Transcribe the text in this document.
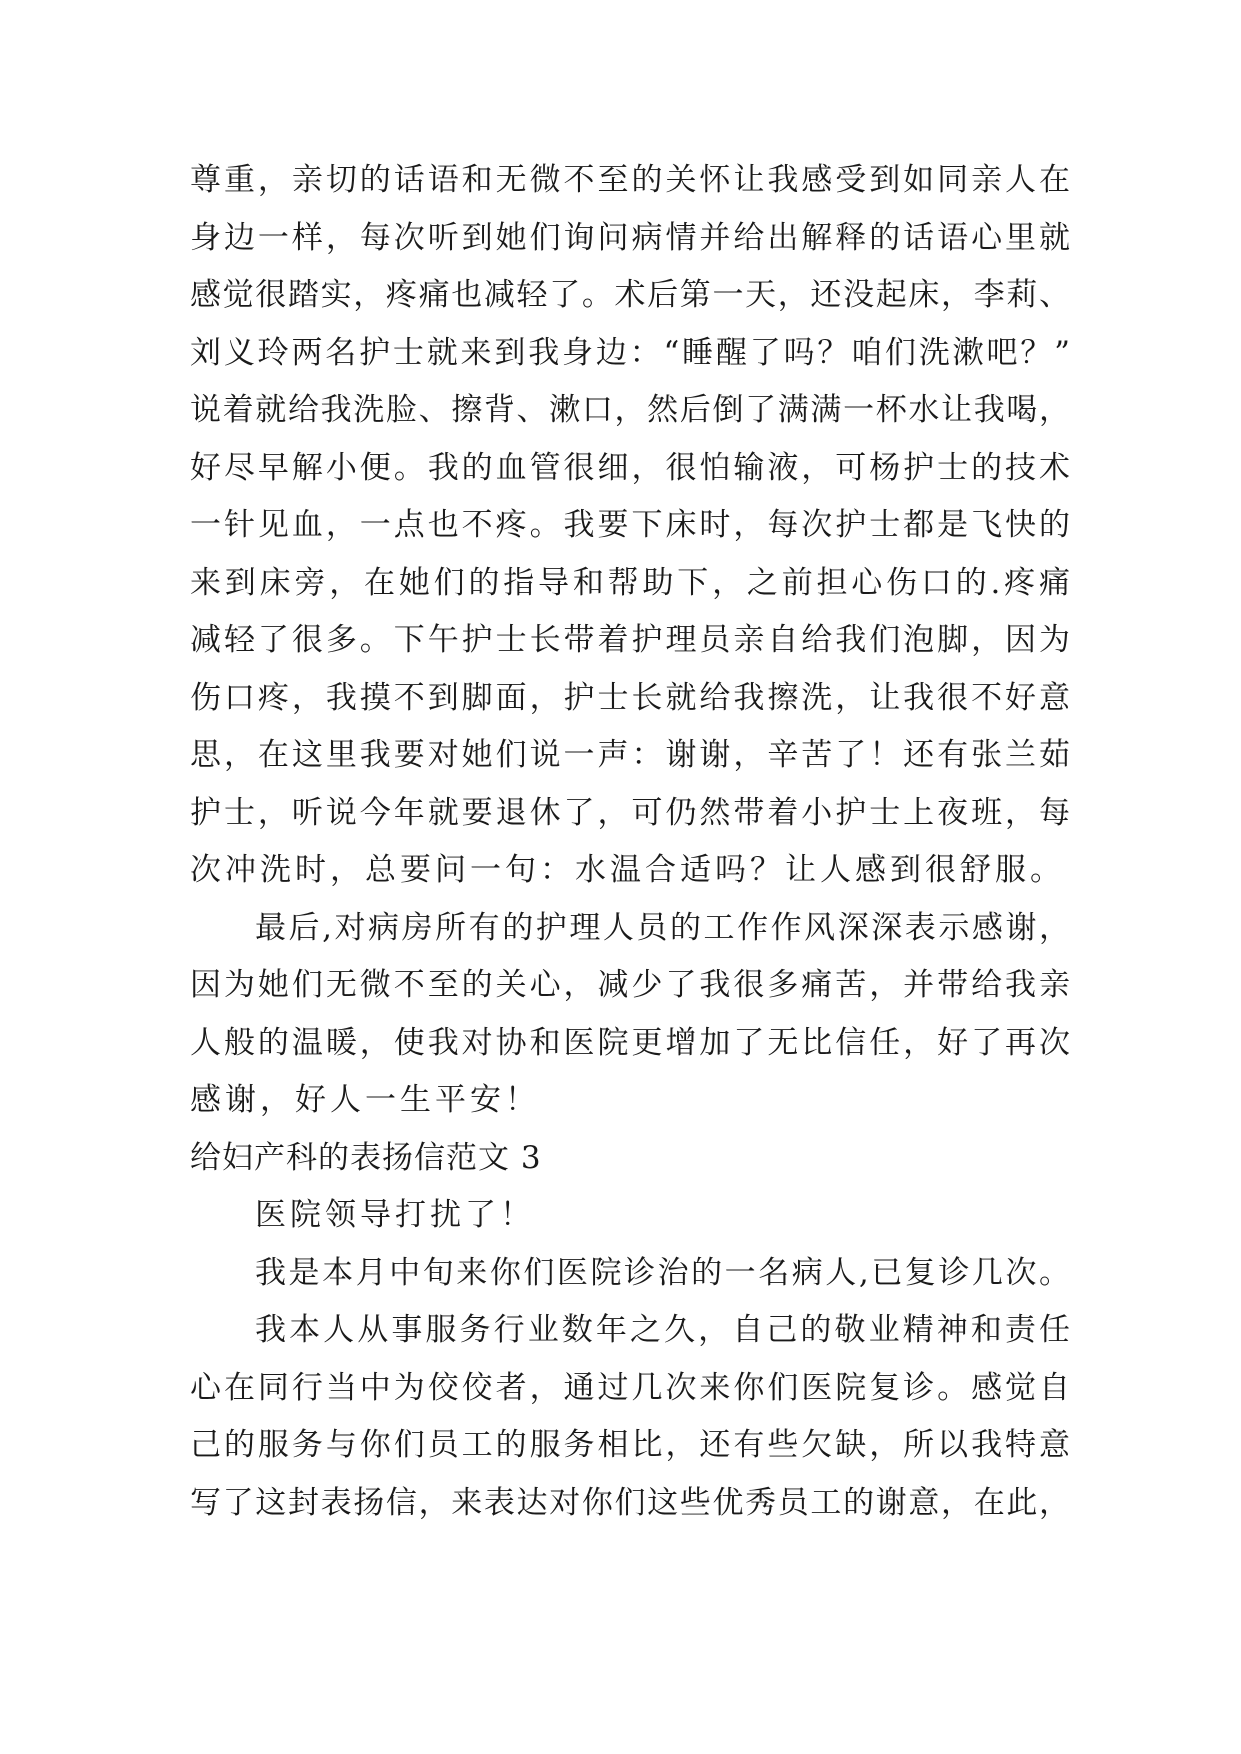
尊重，亲切的话语和无微不至的关怀让我感受到如同亲人在
身边一样，每次听到她们询问病情并给出解释的话语心里就
感觉很踏实，疼痛也减轻了。术后第一天，还没起床，李莉、
刘义玲两名护士就来到我身边：“睡醒了吗？咱们洗漱吧？”
说着就给我洗脸、擦背、漱口，然后倒了满满一杯水让我喝，
好尽早解小便。我的血管很细，很怕输液，可杨护士的技术
一针见血，一点也不疼。我要下床时，每次护士都是飞快的
来到床旁，在她们的指导和帮助下，之前担心伤口的.疼痛
减轻了很多。下午护士长带着护理员亲自给我们泡脚，因为
伤口疼，我摸不到脚面，护士长就给我擦洗，让我很不好意
思，在这里我要对她们说一声：谢谢，辛苦了！还有张兰茹
护士，听说今年就要退休了，可仍然带着小护士上夜班，每
次冲洗时，总要问一句：水温合适吗？让人感到很舒服。
最后,对病房所有的护理人员的工作作风深深表示感谢，
因为她们无微不至的关心，减少了我很多痛苦，并带给我亲
人般的温暖，使我对协和医院更增加了无比信任，好了再次
感谢，好人一生平安！
给妇产科的表扬信范文 3
医院领导打扰了！
我是本月中旬来你们医院诊治的一名病人,已复诊几次。
我本人从事服务行业数年之久，自己的敬业精神和责任
心在同行当中为佼佼者，通过几次来你们医院复诊。感觉自
己的服务与你们员工的服务相比，还有些欠缺，所以我特意
写了这封表扬信，来表达对你们这些优秀员工的谢意，在此，
